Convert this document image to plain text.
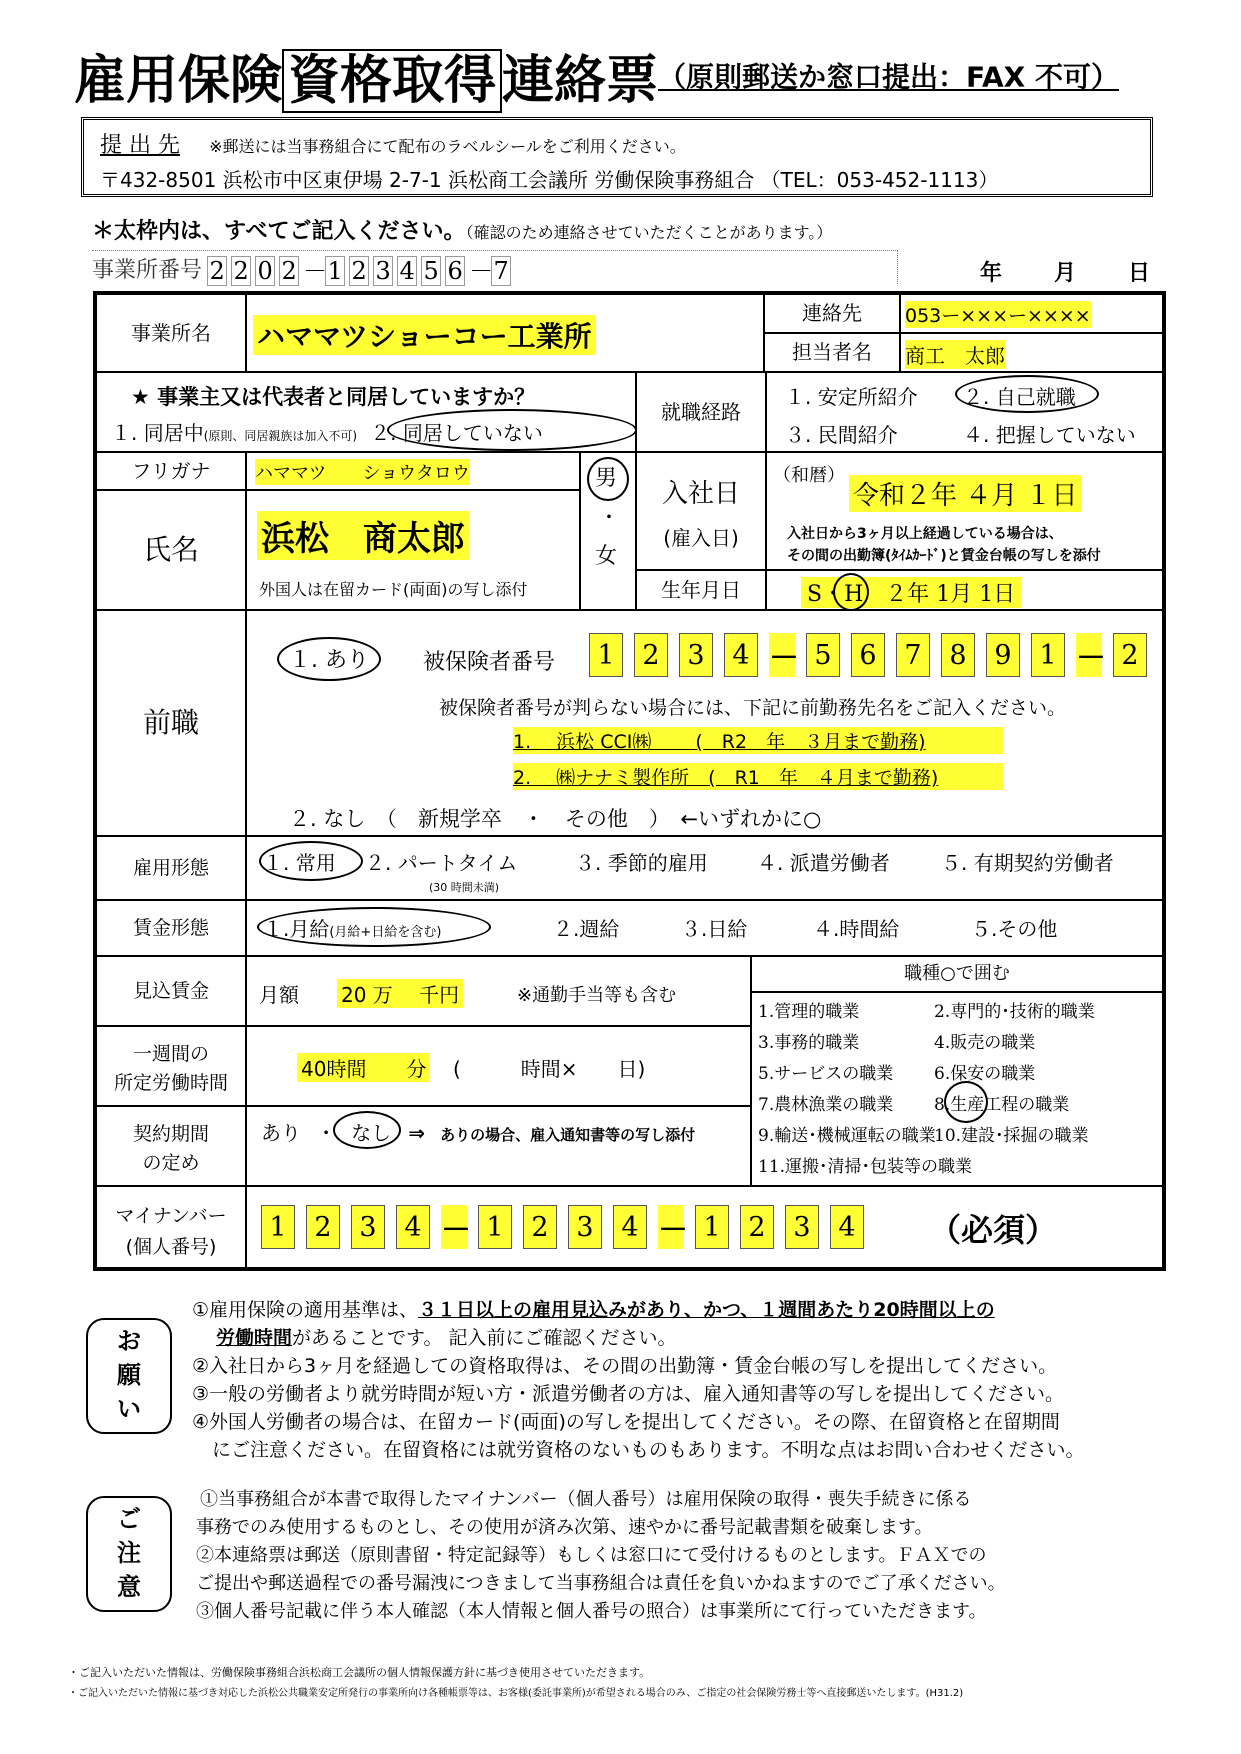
雇用保険 資格取得 連絡票（原則郵送か窓口提出：FAX 不可）
提 出 先 ※郵送には当事務組合にて配布のラベルシールをご利用ください。
〒432-8501 浜松市中区東伊場 2-7-1 浜松商工会議所 労働保険事務組合 （TEL：053-452-1113）
＊太枠内は、すべてご記入ください。（確認のため連絡させていただくことがあります。）
事業所番号 2 2 0 2 －1 2 3 4 5 6 －7	年 月 日
事業所名	ハママツショーコー工業所
連絡先	053ー×××ー××××
担当者名	商工　太郎
★ 事業主又は代表者と同居していますか？
１. 同居中(原則、同居親族は加入不可) ２. 同居していない
就職経路
１. 安定所紹介 ２. 自己就職
３. 民間紹介	４. 把握していない
フリガナ	ハママツ　　ショウタロウ
氏名	浜松　商太郎
外国人は在留カード(両面)の写し添付
男
・
女
入社日
(雇入日)
（和暦）
令和２年 ４月 １日
入社日から3ヶ月以上経過している場合は、
その間の出勤簿(ﾀｲﾑｶｰﾄﾞ)と賃金台帳の写しを添付
生年月日	S・H　２年 1月 1日
前職
１. あり 被保険者番号	1 2 3 4 － 5 6 7 8 9 1 － 2
被保険者番号が判らない場合には、下記に前勤務先名をご記入ください。
1.　 浜松 CCI㈱　　 (　R2　年　３月まで勤務)
2.　 ㈱ナナミ製作所　(　R1　年　４月まで勤務)
２. なし　（　新規学卒　・　その他　）　←いずれかに○
雇用形態	１. 常用 ２. パートタイム
(30 時間未満)
３. 季節的雇用 ４. 派遣労働者	５. 有期契約労働者
賃金形態	１.月給(月給+日給を含む)	２.週給	３.日給	４.時間給	５.その他
見込賃金	月額 20 万　 千円	※通勤手当等も含む
一週間の
所定労働時間
40時間　　分 (　　　時間×　　日)
契約期間
の定め
あり ・ なし ⇒ ありの場合、雇入通知書等の写し添付
職種○で囲む
1.管理的職業	2.専門的･技術的職業
3.事務的職業	4.販売の職業
5.サービスの職業 6.保安の職業
7.農林漁業の職業 8.生産工程の職業
9.輸送･機械運転の職業10.建設･採掘の職業
11.運搬･清掃･包装等の職業
マイナンバー
(個人番号)
1 2 3 4 － 1 2 3 4 － 1 2 3 4	（必須）
お
願
い
①雇用保険の適用基準は、３１日以上の雇用見込みがあり、かつ、１週間あたり20時間以上の
労働時間があることです。 記入前にご確認ください。
②入社日から3ヶ月を経過しての資格取得は、その間の出勤簿・賃金台帳の写しを提出してください。
③一般の労働者より就労時間が短い方・派遣労働者の方は、雇入通知書等の写しを提出してください。
④外国人労働者の場合は、在留カード(両面)の写しを提出してください。その際、在留資格と在留期間
にご注意ください。在留資格には就労資格のないものもあります。不明な点はお問い合わせください。
ご
注
意
①当事務組合が本書で取得したマイナンバー（個人番号）は雇用保険の取得・喪失手続きに係る
事務でのみ使用するものとし、その使用が済み次第、速やかに番号記載書類を破棄します。
②本連絡票は郵送（原則書留・特定記録等）もしくは窓口にて受付けるものとします。ＦＡＸでの
ご提出や郵送過程での番号漏洩につきまして当事務組合は責任を負いかねますのでご了承ください。
③個人番号記載に伴う本人確認（本人情報と個人番号の照合）は事業所にて行っていただきます。
・ご記入いただいた情報は、労働保険事務組合浜松商工会議所の個人情報保護方針に基づき使用させていただきます。
・ご記入いただいた情報に基づき対応した浜松公共職業安定所発行の事業所向け各種帳票等は、お客様(委託事業所)が希望される場合のみ、ご指定の社会保険労務士等へ直接郵送いたします。(H31.2)
